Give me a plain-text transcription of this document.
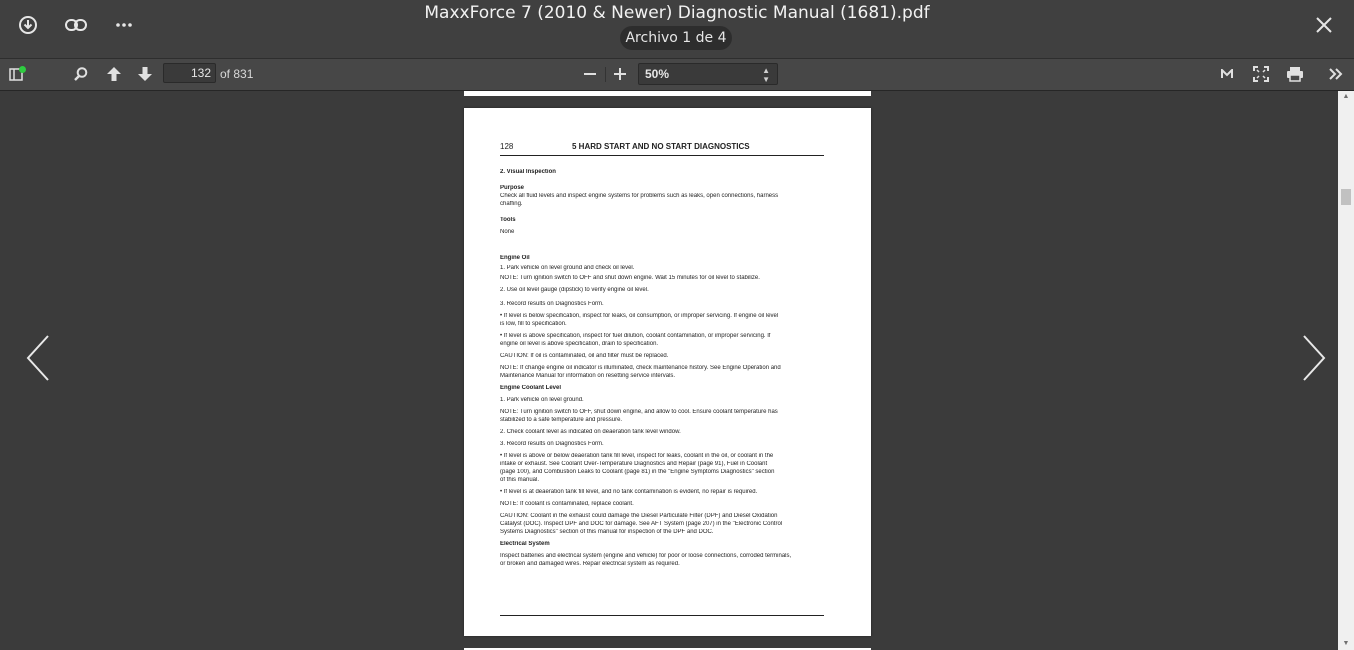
MaxxForce 7 (2010 & Newer) Diagnostic Manual (1681).pdf
Archivo 1 de 4
132 of 831	50%	▲
▼
128	5 HARD START AND NO START DIAGNOSTICS
2. Visual Inspection
Purpose
Check all fluid levels and inspect engine systems for problems such as leaks, open connections, harness
chaffing.
Tools
None
Engine Oil
1. Park vehicle on level ground and check oil level.
NOTE: Turn ignition switch to OFF and shut down engine. Wait 15 minutes for oil level to stabilize.
2. Use oil level gauge (dipstick) to verify engine oil level.
3. Record results on Diagnostics Form.
• If level is below specification, inspect for leaks, oil consumption, or improper servicing. If engine oil level
is low, fill to specification.
• If level is above specification, inspect for fuel dilution, coolant contamination, or improper servicing. If
engine oil level is above specification, drain to specification.
CAUTION: If oil is contaminated, oil and filter must be replaced.
NOTE: If change engine oil indicator is illuminated, check maintenance history. See Engine Operation and
Maintenance Manual for information on resetting service intervals.
Engine Coolant Level
1. Park vehicle on level ground.
NOTE: Turn ignition switch to OFF, shut down engine, and allow to cool. Ensure coolant temperature has
stabilized to a safe temperature and pressure.
2. Check coolant level as indicated on deaeration tank level window.
3. Record results on Diagnostics Form.
• If level is above or below deaeration tank fill level, inspect for leaks, coolant in the oil, or coolant in the
intake or exhaust. See Coolant Over-Temperature Diagnostics and Repair (page 91), Fuel in Coolant
(page 100), and Combustion Leaks to Coolant (page 81) in the "Engine Symptoms Diagnostics" section
of this manual.
• If level is at deaeration tank fill level, and no tank contamination is evident, no repair is required.
NOTE: If coolant is contaminated, replace coolant.
CAUTION: Coolant in the exhaust could damage the Diesel Particulate Filter (DPF) and Diesel Oxidation
Catalyst (DOC). Inspect DPF and DOC for damage. See AFT System (page 207) in the "Electronic Control
Systems Diagnostics" section of this manual for inspection of the DPF and DOC.
Electrical System
Inspect batteries and electrical system (engine and vehicle) for poor or loose connections, corroded terminals,
or broken and damaged wires. Repair electrical system as required.
▲
▼
